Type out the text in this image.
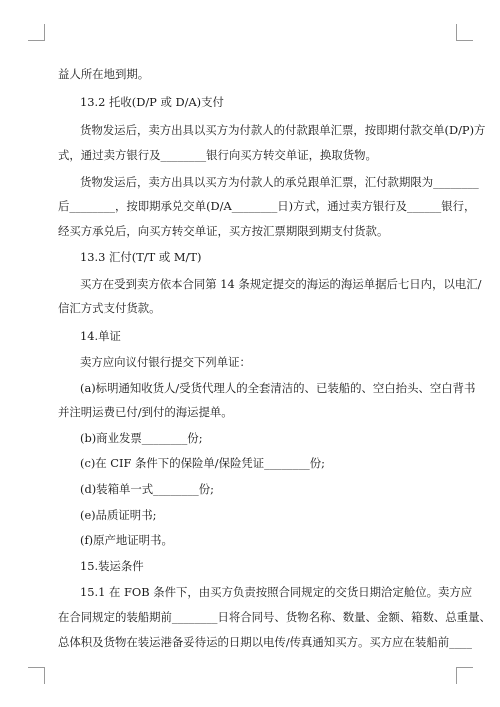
益人所在地到期。
13.2 托收(D/P 或 D/A)支付
货物发运后，卖方出具以买方为付款人的付款跟单汇票，按即期付款交单(D/P)方
式，通过卖方银行及________银行向买方转交单证，换取货物。
货物发运后，卖方出具以买方为付款人的承兑跟单汇票，汇付款期限为________
后________，按即期承兑交单(D/A________日)方式，通过卖方银行及______银行，
经买方承兑后，向买方转交单证，买方按汇票期限到期支付货款。
13.3 汇付(T/T 或 M/T)
买方在受到卖方依本合同第 14 条规定提交的海运的海运单据后七日内，以电汇/
信汇方式支付货款。
14.单证
卖方应向议付银行提交下列单证：
(a)标明通知收货人/受货代理人的全套清洁的、已装船的、空白抬头、空白背书
并注明运费已付/到付的海运提单。
(b)商业发票________份;
(c)在 CIF 条件下的保险单/保险凭证________份;
(d)装箱单一式________份;
(e)品质证明书;
(f)原产地证明书。
15.装运条件
15.1 在 FOB 条件下，由买方负责按照合同规定的交货日期洽定舱位。卖方应
在合同规定的装船期前________日将合同号、货物名称、数量、金额、箱数、总重量、
总体积及货物在装运港备妥待运的日期以电传/传真通知买方。买方应在装船前____
